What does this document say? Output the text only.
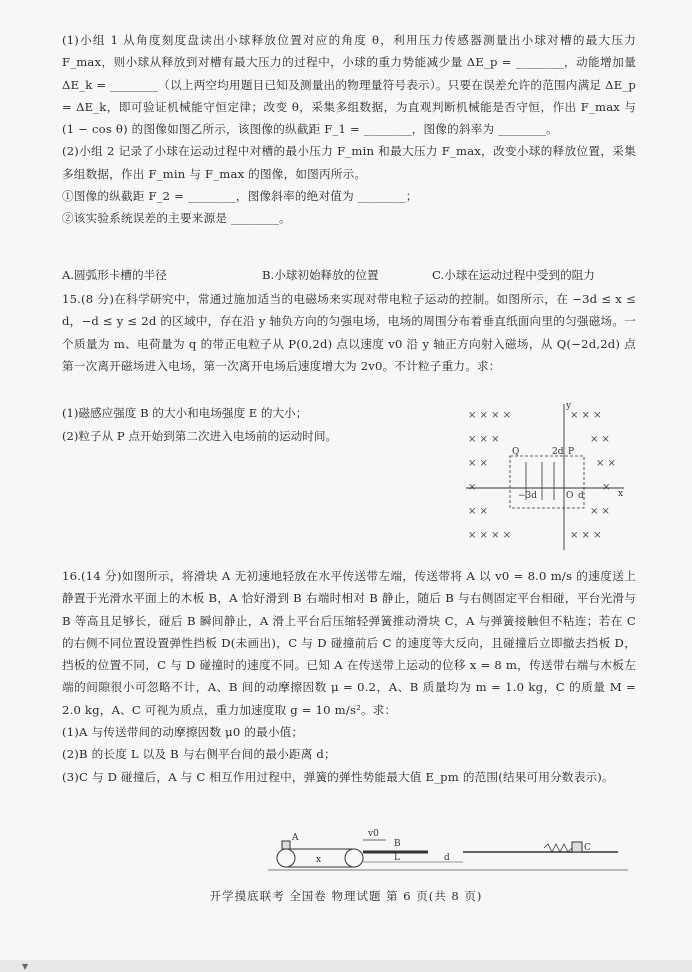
(1)小组 1 从角度刻度盘读出小球释放位置对应的角度 θ，利用压力传感器测量出小球对槽的最大压力 F_max，则小球从释放到对槽有最大压力的过程中，小球的重力势能减少量 ΔE_p = ________，动能增加量 ΔE_k = ________（以上两空均用题目已知及测量出的物理量符号表示）。只要在误差允许的范围内满足 ΔE_p = ΔE_k，即可验证机械能守恒定律；改变 θ，采集多组数据，为直观判断机械能是否守恒，作出 F_max 与 (1 − cos θ) 的图像如图乙所示，该图像的纵截距 F_1 = ________，图像的斜率为 ________。

(2)小组 2 记录了小球在运动过程中对槽的最小压力 F_min 和最大压力 F_max，改变小球的释放位置，采集多组数据，作出 F_min 与 F_max 的图像，如图丙所示。

①图像的纵截距 F_2 = ________，图像斜率的绝对值为 ________；

②该实验系统误差的主要来源是 ________。

A.圆弧形卡槽的半径	B.小球初始释放的位置	C.小球在运动过程中受到的阻力

15.(8 分)在科学研究中，常通过施加适当的电磁场来实现对带电粒子运动的控制。如图所示，在 −3d ≤ x ≤ d，−d ≤ y ≤ 2d 的区域中，存在沿 y 轴负方向的匀强电场，电场的周围分布着垂直纸面向里的匀强磁场。一个质量为 m、电荷量为 q 的带正电粒子从 P(0,2d) 点以速度 v0 沿 y 轴正方向射入磁场，从 Q(−2d,2d) 点第一次离开磁场进入电场，第一次离开电场后速度增大为 2v0。不计粒子重力。求：

(1)磁感应强度 B 的大小和电场强度 E 的大小；

(2)粒子从 P 点开始到第二次进入电场前的运动时间。

× × × ×	× × ×
× × ×	× ×
× ×	× ×
×	×
× ×	× ×
× × × ×	× × ×
y
x
2d
−3d	d
O
P
Q

16.(14 分)如图所示，将滑块 A 无初速地轻放在水平传送带左端，传送带将 A 以 v0 = 8.0 m/s 的速度送上静置于光滑水平面上的木板 B，A 恰好滑到 B 右端时相对 B 静止，随后 B 与右侧固定平台相碰，平台光滑与 B 等高且足够长，碰后 B 瞬间静止，A 滑上平台后压缩轻弹簧推动滑块 C，A 与弹簧接触但不粘连；若在 C 的右侧不同位置设置弹性挡板 D(未画出)，C 与 D 碰撞前后 C 的速度等大反向，且碰撞后立即撤去挡板 D，挡板的位置不同，C 与 D 碰撞时的速度不同。已知 A 在传送带上运动的位移 x = 8 m，传送带右端与木板左端的间隙很小可忽略不计，A、B 间的动摩擦因数 μ = 0.2，A、B 质量均为 m = 1.0 kg，C 的质量 M = 2.0 kg，A、C 可视为质点，重力加速度取 g = 10 m/s²。求：

(1)A 与传送带间的动摩擦因数 μ0 的最小值；

(2)B 的长度 L 以及 B 与右侧平台间的最小距离 d；

(3)C 与 D 碰撞后，A 与 C 相互作用过程中，弹簧的弹性势能最大值 E_pm 的范围(结果可用分数表示)。

A	v0
B	C
x	L	d
开学摸底联考 全国卷 物理试题 第 6 页(共 8 页)
▼
